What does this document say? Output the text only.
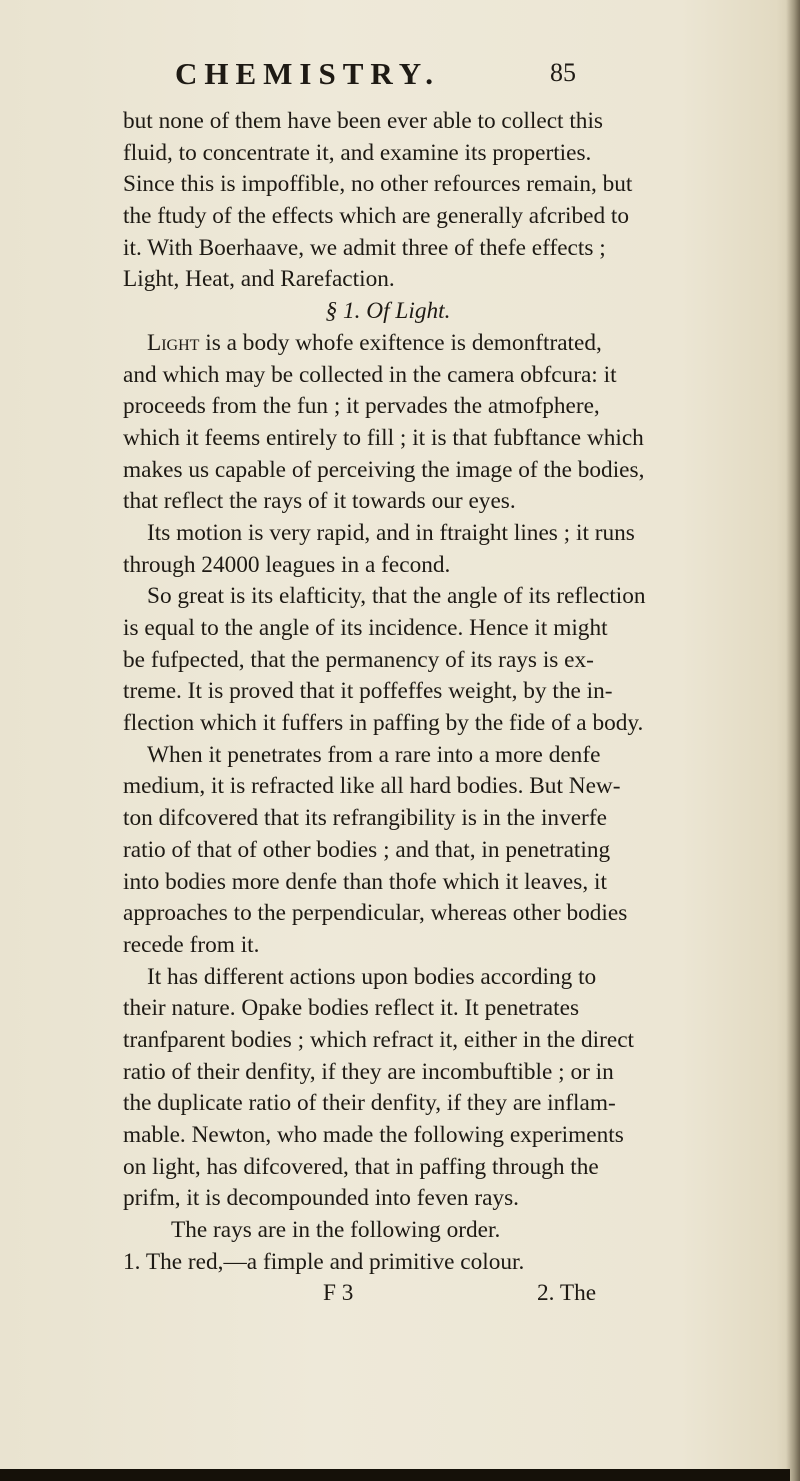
CHEMISTRY.	85
but none of them have been ever able to collect this
fluid, to concentrate it, and examine its properties.
Since this is impoffible, no other refources remain, but
the ftudy of the effects which are generally afcribed to
it. With Boerhaave, we admit three of thefe effects ;
Light, Heat, and Rarefaction.
§ 1. Of Light.
Light is a body whofe exiftence is demonftrated,
and which may be collected in the camera obfcura: it
proceeds from the fun ; it pervades the atmofphere,
which it feems entirely to fill ; it is that fubftance which
makes us capable of perceiving the image of the bodies,
that reflect the rays of it towards our eyes.
Its motion is very rapid, and in ftraight lines ; it runs
through 24000 leagues in a fecond.
So great is its elafticity, that the angle of its reflection
is equal to the angle of its incidence. Hence it might
be fufpected, that the permanency of its rays is ex-
treme. It is proved that it poffeffes weight, by the in-
flection which it fuffers in paffing by the fide of a body.
When it penetrates from a rare into a more denfe
medium, it is refracted like all hard bodies. But New-
ton difcovered that its refrangibility is in the inverfe
ratio of that of other bodies ; and that, in penetrating
into bodies more denfe than thofe which it leaves, it
approaches to the perpendicular, whereas other bodies
recede from it.
It has different actions upon bodies according to
their nature. Opake bodies reflect it. It penetrates
tranfparent bodies ; which refract it, either in the direct
ratio of their denfity, if they are incombuftible ; or in
the duplicate ratio of their denfity, if they are inflam-
mable. Newton, who made the following experiments
on light, has difcovered, that in paffing through the
prifm, it is decompounded into feven rays.
The rays are in the following order.
1. The red,—a fimple and primitive colour.
F 3	2. The
